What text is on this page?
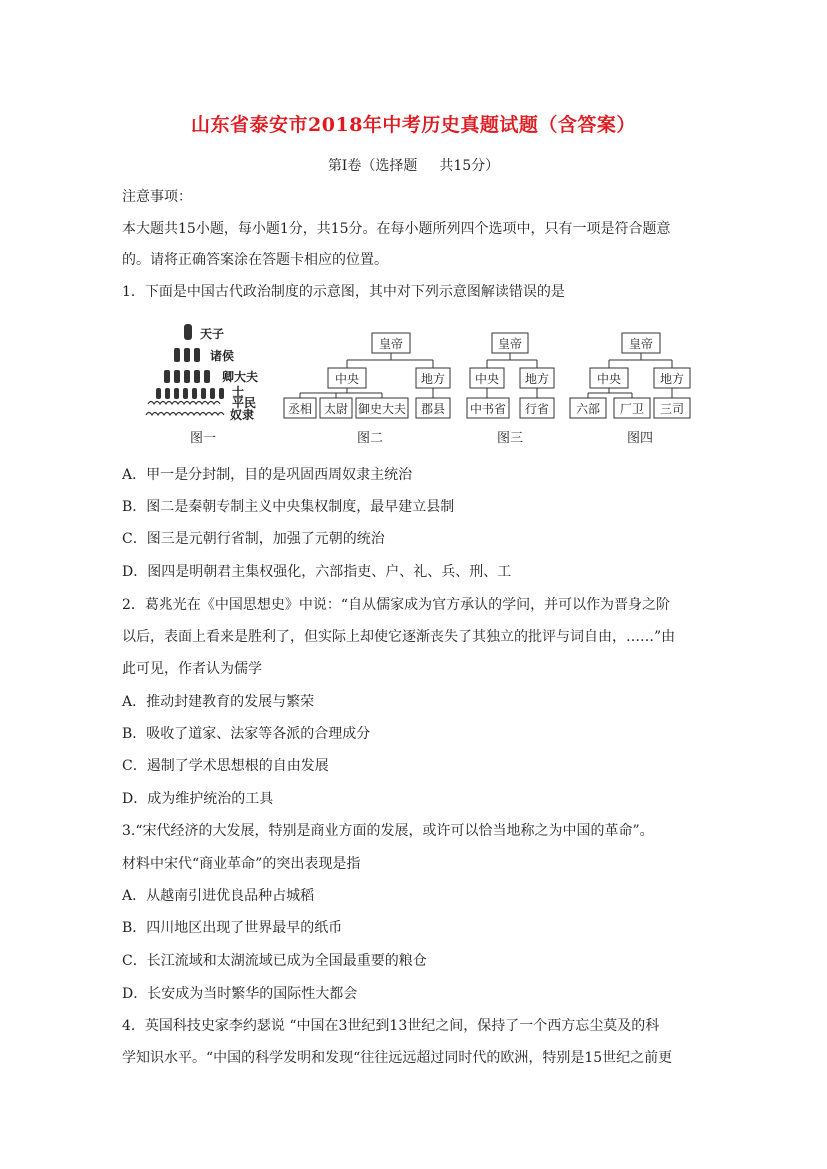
山东省泰安市2018年中考历史真题试题（含答案）
第Ⅰ卷（选择题 共15分）
注意事项：
本大题共15小题，每小题1分，共15分。在每小题所列四个选项中，只有一项是符合题意
的。请将正确答案涂在答题卡相应的位置。
1．下面是中国古代政治制度的示意图，其中对下列示意图解读错误的是
天子
诸侯
卿大夫
士
平民
奴隶
图一
皇帝
中央	地方
丞相 太尉 御史大夫 郡县
图二
皇帝
中央 地方
中书省 行省
图三
皇帝
中央	地方
六部 厂卫 三司
图四
A．甲一是分封制，目的是巩固西周奴隶主统治
B．图二是秦朝专制主义中央集权制度，最早建立县制
C．图三是元朝行省制，加强了元朝的统治
D．图四是明朝君主集权强化，六部指吏、户、礼、兵、刑、工
2．葛兆光在《中国思想史》中说：“自从儒家成为官方承认的学问，并可以作为晋身之阶
以后，表面上看来是胜利了，但实际上却使它逐渐丧失了其独立的批评与词自由，……”由
此可见，作者认为儒学
A．推动封建教育的发展与繁荣
B．吸收了道家、法家等各派的合理成分
C．遏制了学术思想根的自由发展
D．成为维护统治的工具
3.“宋代经济的大发展，特别是商业方面的发展，或许可以恰当地称之为中国的革命”。
材料中宋代“商业革命”的突出表现是指
A．从越南引进优良品种占城稻
B．四川地区出现了世界最早的纸币
C．长江流域和太湖流域已成为全国最重要的粮仓
D．长安成为当时繁华的国际性大都会
4．英国科技史家李约瑟说 “中国在3世纪到13世纪之间，保持了一个西方忘尘莫及的科
学知识水平。“中国的科学发明和发现“往往远远超过同时代的欧洲，特别是15世纪之前更
